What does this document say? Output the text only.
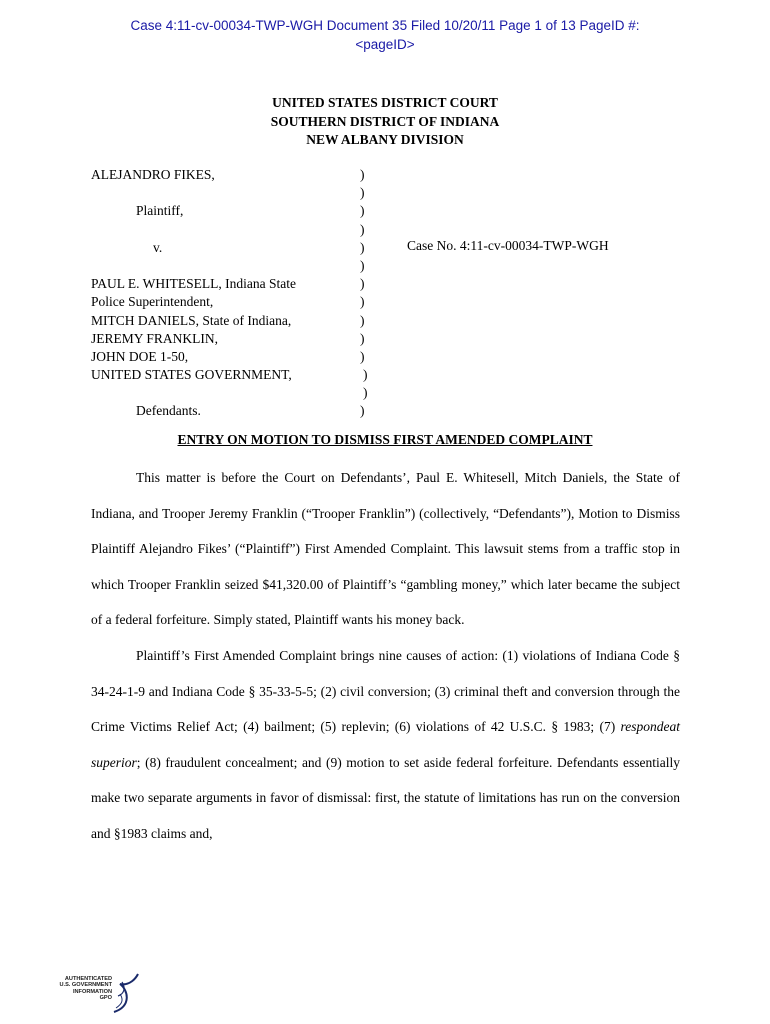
Case 4:11-cv-00034-TWP-WGH Document 35 Filed 10/20/11 Page 1 of 13 PageID #:
<pageID>
UNITED STATES DISTRICT COURT
SOUTHERN DISTRICT OF INDIANA
NEW ALBANY DIVISION
ALEJANDRO FIKES,
Plaintiff,
v.
PAUL E. WHITESELL, Indiana State
Police Superintendent,
MITCH DANIELS, State of Indiana,
JEREMY FRANKLIN,
JOHN DOE 1-50,
UNITED STATES GOVERNMENT,
Defendants.
)
)
)
)
)
)
)
)
)
)
)
)
)
)
Case No. 4:11-cv-00034-TWP-WGH
ENTRY ON MOTION TO DISMISS FIRST AMENDED COMPLAINT

This matter is before the Court on Defendants’, Paul E. Whitesell, Mitch Daniels, the State of Indiana, and Trooper Jeremy Franklin (“Trooper Franklin”) (collectively, “Defendants”), Motion to Dismiss Plaintiff Alejandro Fikes’ (“Plaintiff”) First Amended Complaint. This lawsuit stems from a traffic stop in which Trooper Franklin seized $41,320.00 of Plaintiff’s “gambling money,” which later became the subject of a federal forfeiture. Simply stated, Plaintiff wants his money back.

Plaintiff’s First Amended Complaint brings nine causes of action: (1) violations of Indiana Code § 34-24-1-9 and Indiana Code § 35-33-5-5; (2) civil conversion; (3) criminal theft and conversion through the Crime Victims Relief Act; (4) bailment; (5) replevin; (6) violations of 42 U.S.C. § 1983; (7) respondeat superior; (8) fraudulent concealment; and (9) motion to set aside federal forfeiture. Defendants essentially make two separate arguments in favor of dismissal: first, the statute of limitations has run on the conversion and §1983 claims and,

AUTHENTICATED
U.S. GOVERNMENT
INFORMATION
GPO
